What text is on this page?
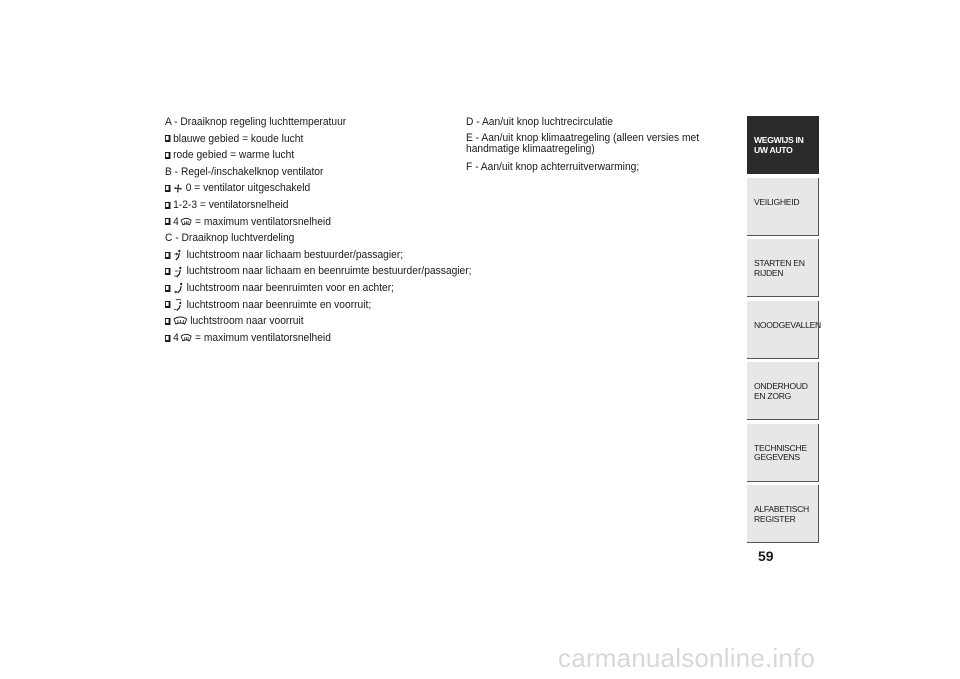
A - Draaiknop regeling luchttemperatuur
blauwe gebied = koude lucht
rode gebied = warme lucht
B - Regel-/inschakelknop ventilator
0 = ventilator uitgeschakeld
1-2-3 = ventilatorsnelheid
4 = maximum ventilatorsnelheid
C - Draaiknop luchtverdeling
luchtstroom naar lichaam bestuurder/passagier;
luchtstroom naar lichaam en beenruimte bestuurder/passagier;
luchtstroom naar beenruimten voor en achter;
luchtstroom naar beenruimte en voorruit;
luchtstroom naar voorruit
4 = maximum ventilatorsnelheid
D - Aan/uit knop luchtrecirculatie
E - Aan/uit knop klimaatregeling (alleen versies met handmatige klimaatregeling)
F - Aan/uit knop achterruitverwarming;
WEGWIJS IN UW AUTO
VEILIGHEID
STARTEN EN RIJDEN
NOODGEVALLEN
ONDERHOUD EN ZORG
TECHNISCHE GEGEVENS
ALFABETISCH REGISTER
59
carmanualsonline.info
